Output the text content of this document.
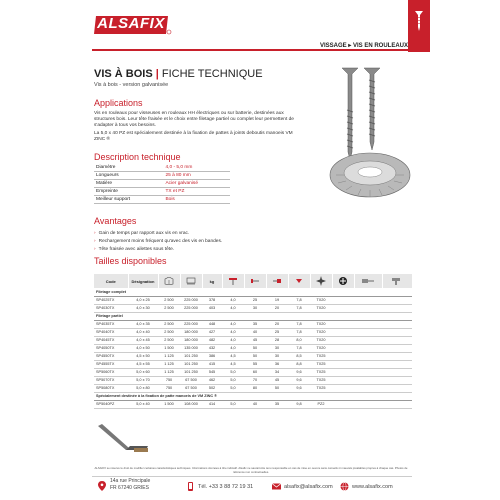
ALSAFIX
VISSAGE ▸ VIS EN ROULEAUX
VIS À BOIS | FICHE TECHNIQUE
Vis à bois - version galvanisée
Applications
Vis en rouleaux pour visseuses en rouleaux HH électriques ou sur batterie, destinées aux structures bois. Leur tête fraisée et le choix entre filetage partiel ou complet leur permettent de s'adapter à tous vos besoins.
La 5,0 x 40 PZ est spécialement destinée à la fixation de pattes à joints deboutis manoeis VM ZINC ®
Description technique
Diamètre	4,0 - 5,0 mm
Longueurs	25 à 80 mm
Matière	Acier galvanisé
Empreinte	TX et PZ
Meilleur support	Bois
Avantages
› Gain de temps par rapport aux vis en vrac.
› Rechargement moins fréquent qu'avec des vis en bandes.
› Tête fraisée avec ailettes sous tête.
Tailles disponibles
Code	Désignation			kg								
Filetage complet												
SP4025TX	4,0 x 25	2 500	225 000	378	4,0	25	19	7,8	TX20			
SP4030TX	4,0 x 30	2 500	225 000	403	4,0	30	20	7,8	TX20			
Filetage partiel												
SP4035TX	4,0 x 35	2 500	225 000	448	4,0	35	20	7,8	TX20			
SP4040TX	4,0 x 40	2 500	180 000	427	4,0	40	25	7,8	TX20			
SP4045TX	4,0 x 45	2 500	180 000	482	4,0	45	28	8,0	TX20			
SP4050TX	4,0 x 50	1 500	135 000	432	4,0	50	30	7,8	TX20			
SP4550TX	4,5 x 50	1 125	101 250	386	4,5	50	30	8,5	TX25			
SP4555TX	4,5 x 55	1 125	101 250	415	4,5	55	36	8,8	TX25			
SP5060TX	5,0 x 60	1 125	101 250	545	5,0	60	34	9,6	TX25			
SP5070TX	5,0 x 70	750	67 500	462	5,0	70	45	9,6	TX25			
SP5080TX	5,0 x 80	750	67 500	502	5,0	80	50	9,6	TX25			
Spécialement destinée à la fixation de patte manoeis de VM ZINC ®												
SP5040PZ	5,0 x 40	1 500	108 000	414	5,0	40	35	9,8	PZ2			
ALSAFIX se réserve le droit de modifier certaines caractéristiques techniques. Informations données à titre indicatif. Alsafix ne saurait être tenu responsable en cas de mise en oeuvre sans conseils ni mauvais préalables propres à chaque cas. Photos de référence non contractuelles.
14a rue Principale
FR 67240 GRIES	Tél. +33 3 88 72 19 31	alsafix@alsafix.com	www.alsafix.com
